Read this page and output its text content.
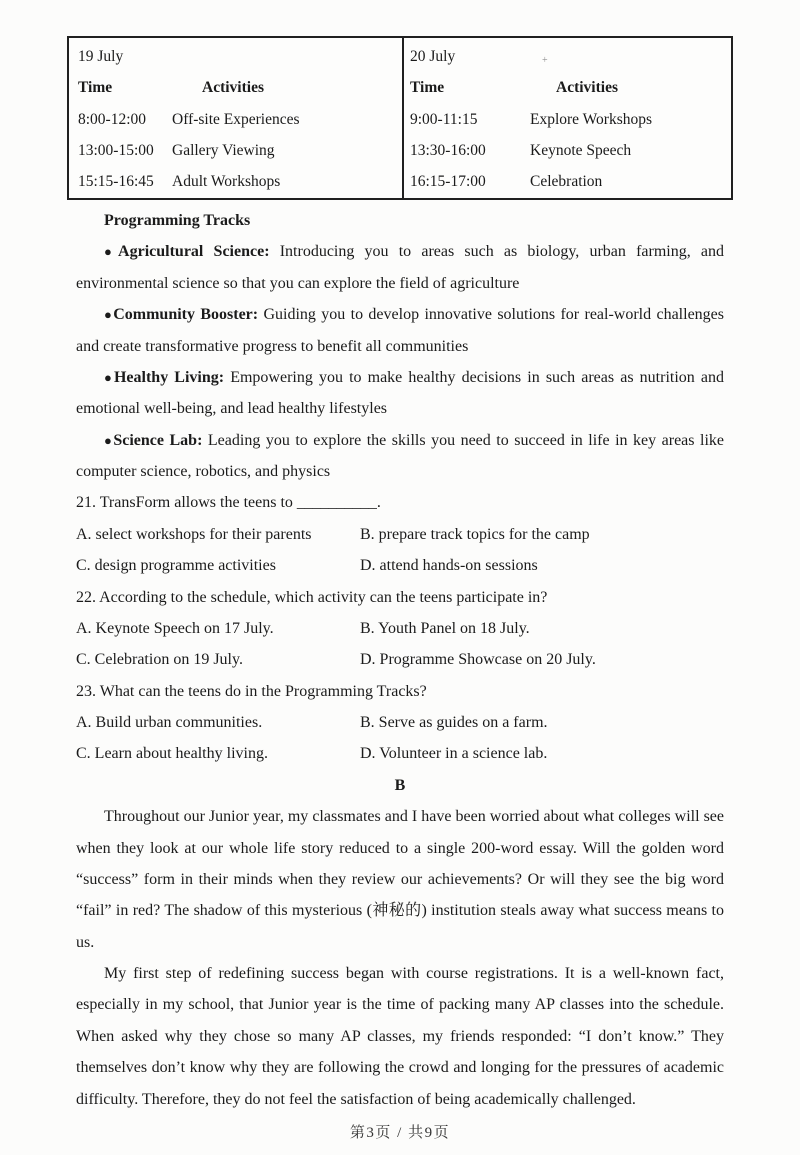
+
19 July
Time	Activities
8:00-12:00	Off-site Experiences
13:00-15:00	Gallery Viewing
15:15-16:45	Adult Workshops
20 July
Time	Activities
9:00-11:15	Explore Workshops
13:30-16:00	Keynote Speech
16:15-17:00	Celebration

Programming Tracks

●Agricultural Science: Introducing you to areas such as biology, urban farming, and environmental science so that you can explore the field of agriculture

●Community Booster: Guiding you to develop innovative solutions for real-world challenges and create transformative progress to benefit all communities

●Healthy Living: Empowering you to make healthy decisions in such areas as nutrition and emotional well-being, and lead healthy lifestyles

●Science Lab: Leading you to explore the skills you need to succeed in life in key areas like computer science, robotics, and physics

21. TransForm allows the teens to __________.

A. select workshops for their parents	B. prepare track topics for the camp
C. design programme activities	D. attend hands-on sessions

22. According to the schedule, which activity can the teens participate in?

A. Keynote Speech on 17 July.	B. Youth Panel on 18 July.
C. Celebration on 19 July.	D. Programme Showcase on 20 July.

23. What can the teens do in the Programming Tracks?

A. Build urban communities.	B. Serve as guides on a farm.
C. Learn about healthy living.	D. Volunteer in a science lab.

B

Throughout our Junior year, my classmates and I have been worried about what colleges will see when they look at our whole life story reduced to a single 200-word essay. Will the golden word “success” form in their minds when they review our achievements? Or will they see the big word “fail” in red? The shadow of this mysterious (神秘的) institution steals away what success means to us.

My first step of redefining success began with course registrations. It is a well-known fact, especially in my school, that Junior year is the time of packing many AP classes into the schedule. When asked why they chose so many AP classes, my friends responded: “I don’t know.” They themselves don’t know why they are following the crowd and longing for the pressures of academic difficulty. Therefore, they do not feel the satisfaction of being academically challenged.

第3页 / 共9页
